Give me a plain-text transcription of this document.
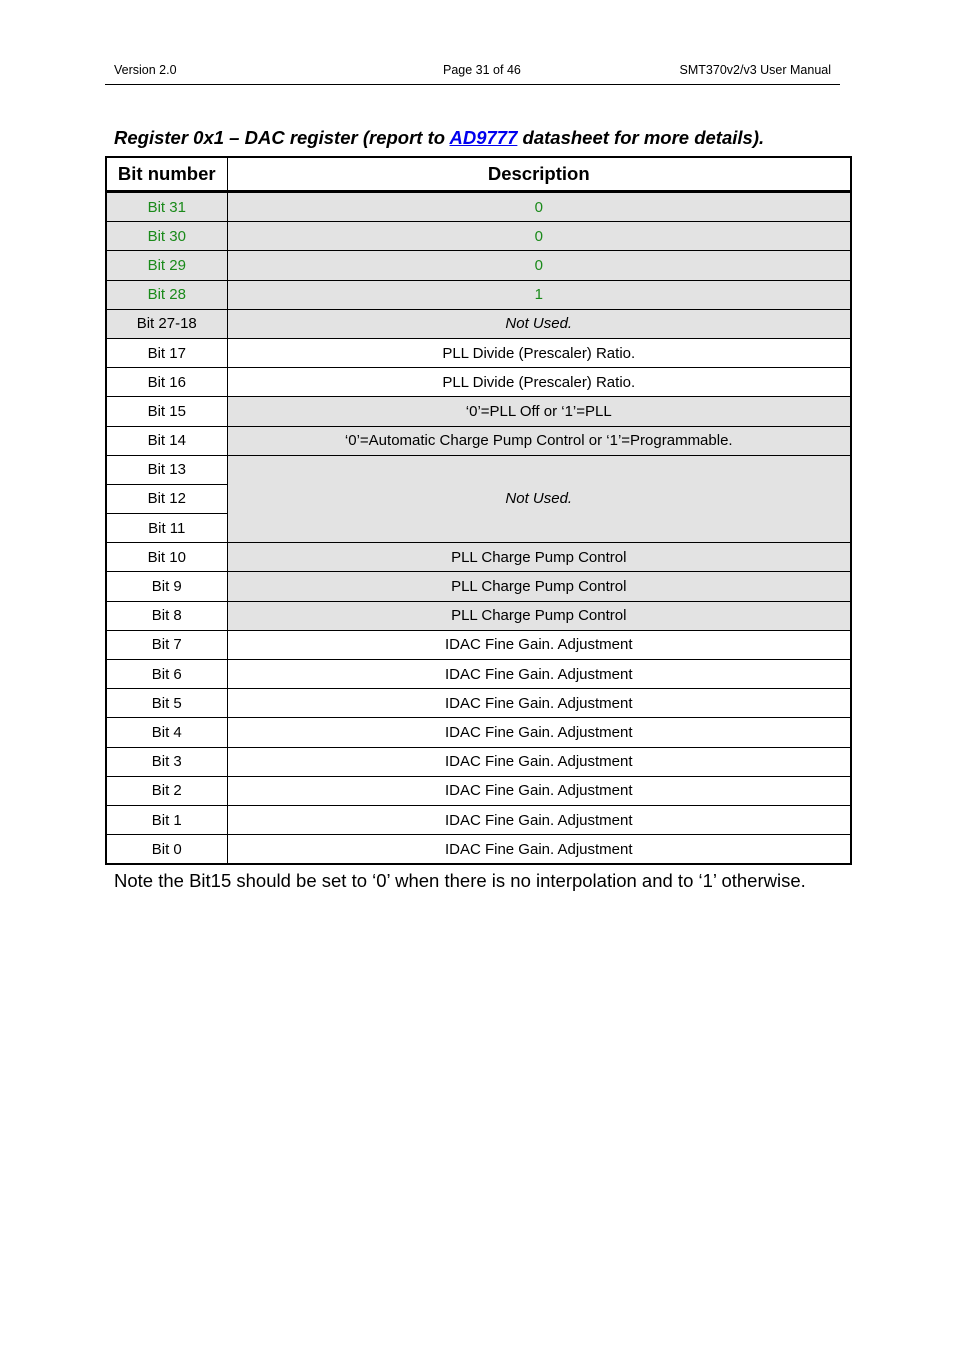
Version 2.0	Page 31 of 46	SMT370v2/v3 User Manual
Register 0x1 – DAC register (report to AD9777 datasheet for more details).
Bit number	Description
Bit 31	0
Bit 30	0
Bit 29	0
Bit 28	1
Bit 27-18	Not Used.
Bit 17	PLL Divide (Prescaler) Ratio.
Bit 16	PLL Divide (Prescaler) Ratio.
Bit 15	‘0’=PLL Off or ‘1’=PLL
Bit 14	‘0’=Automatic Charge Pump Control or ‘1’=Programmable.
Bit 13	Not Used.
Bit 12	
Bit 11	
Bit 10	PLL Charge Pump Control
Bit 9	PLL Charge Pump Control
Bit 8	PLL Charge Pump Control
Bit 7	IDAC Fine Gain. Adjustment
Bit 6	IDAC Fine Gain. Adjustment
Bit 5	IDAC Fine Gain. Adjustment
Bit 4	IDAC Fine Gain. Adjustment
Bit 3	IDAC Fine Gain. Adjustment
Bit 2	IDAC Fine Gain. Adjustment
Bit 1	IDAC Fine Gain. Adjustment
Bit 0	IDAC Fine Gain. Adjustment
Note the Bit15 should be set to ‘0’ when there is no interpolation and to ‘1’ otherwise.
